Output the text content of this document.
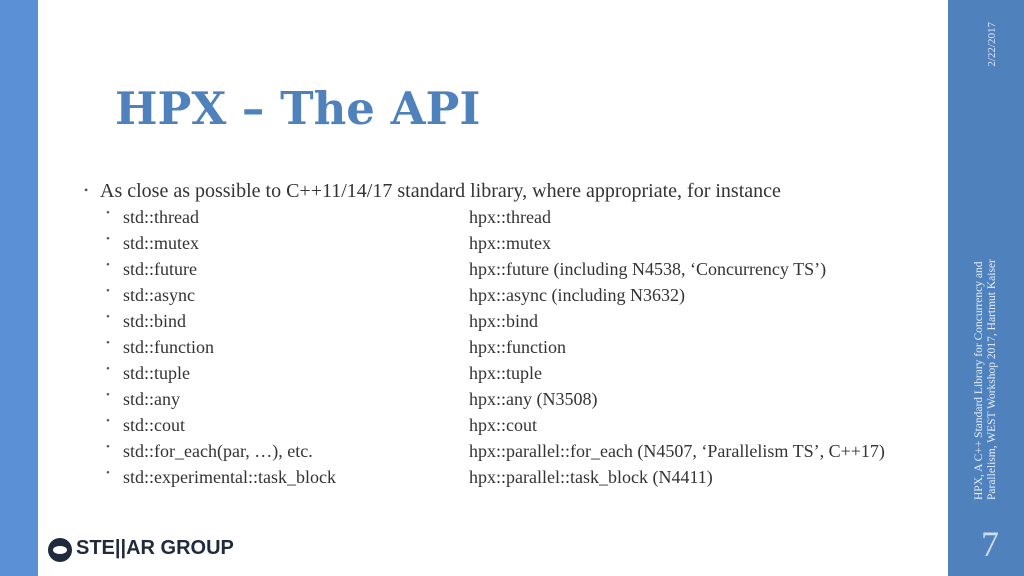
HPX – The API
• As close as possible to C++11/14/17 standard library, where appropriate, for instance
• std::thread	hpx::thread
• std::mutex	hpx::mutex
• std::future	hpx::future (including N4538, ‘Concurrency TS’)
• std::async	hpx::async (including N3632)
• std::bind	hpx::bind
• std::function	hpx::function
• std::tuple	hpx::tuple
• std::any	hpx::any (N3508)
• std::cout	hpx::cout
• std::for_each(par, …), etc.	hpx::parallel::for_each (N4507, ‘Parallelism TS’, C++17)
• std::experimental::task_block	hpx::parallel::task_block (N4411)
STE||AR GROUP
2/22/2017
HPX, A C++ Standard Library for Concurrency and Parallelism, WEST Workshop 2017, Hartmut Kaiser
7
